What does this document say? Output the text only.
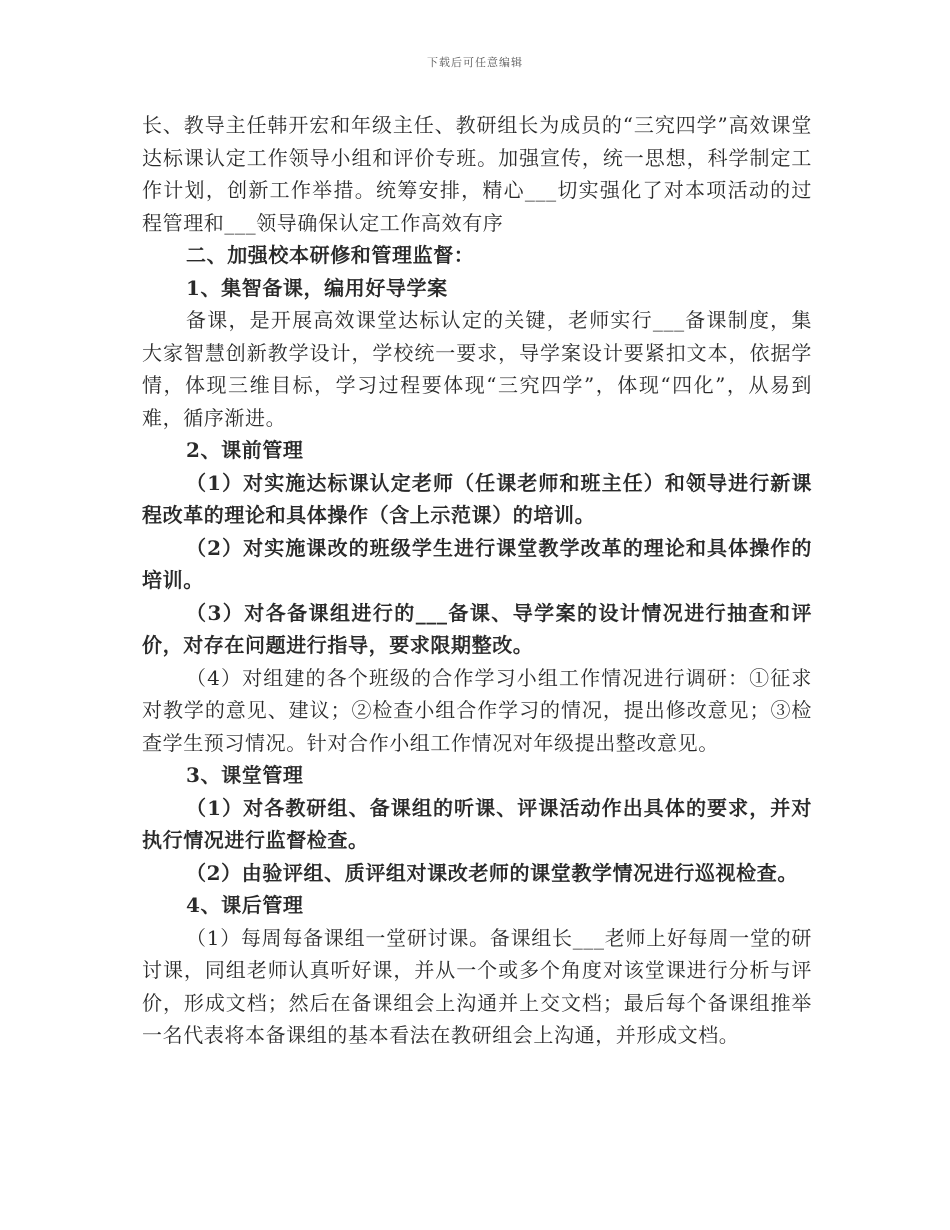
下载后可任意编辑

长、教导主任韩开宏和年级主任、教研组长为成员的“三究四学”高效课堂达标课认定工作领导小组和评价专班。加强宣传，统一思想，科学制定工作计划，创新工作举措。统筹安排，精心___切实强化了对本项活动的过程管理和___领导确保认定工作高效有序

二、加强校本研修和管理监督：

1、集智备课，编用好导学案

备课，是开展高效课堂达标认定的关键，老师实行___备课制度，集大家智慧创新教学设计，学校统一要求，导学案设计要紧扣文本，依据学情，体现三维目标，学习过程要体现“三究四学”，体现“四化”，从易到难，循序渐进。

2、课前管理

（1）对实施达标课认定老师（任课老师和班主任）和领导进行新课程改革的理论和具体操作（含上示范课）的培训。

（2）对实施课改的班级学生进行课堂教学改革的理论和具体操作的培训。

（3）对各备课组进行的___备课、导学案的设计情况进行抽查和评价，对存在问题进行指导，要求限期整改。

（4）对组建的各个班级的合作学习小组工作情况进行调研：①征求对教学的意见、建议；②检查小组合作学习的情况，提出修改意见；③检查学生预习情况。针对合作小组工作情况对年级提出整改意见。

3、课堂管理

（1）对各教研组、备课组的听课、评课活动作出具体的要求，并对执行情况进行监督检查。

（2）由验评组、质评组对课改老师的课堂教学情况进行巡视检查。

4、课后管理

（1）每周每备课组一堂研讨课。备课组长___老师上好每周一堂的研讨课，同组老师认真听好课，并从一个或多个角度对该堂课进行分析与评价，形成文档；然后在备课组会上沟通并上交文档；最后每个备课组推举一名代表将本备课组的基本看法在教研组会上沟通，并形成文档。
